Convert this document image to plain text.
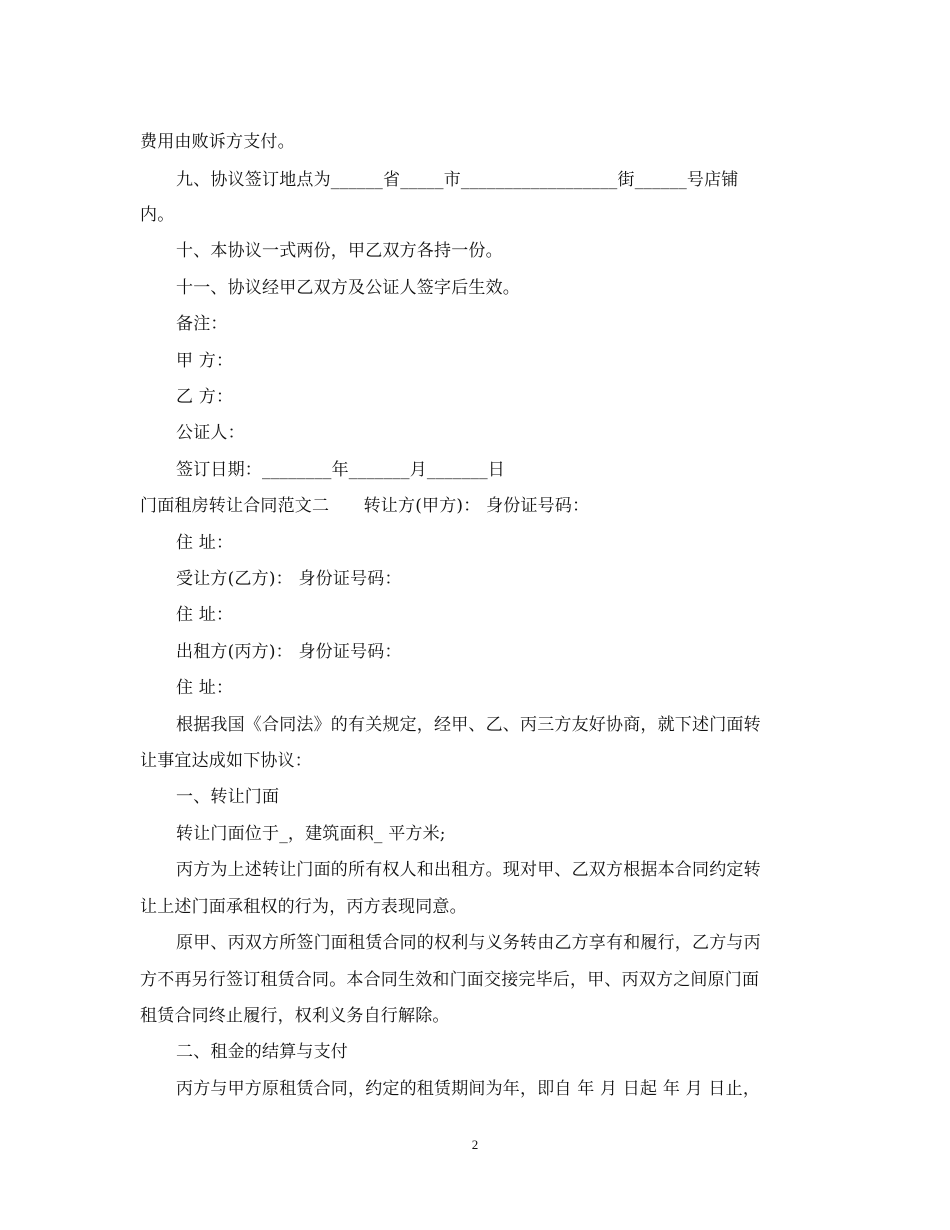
费用由败诉方支付。
九、协议签订地点为______省_____市__________________街______号店铺
内。
十、本协议一式两份，甲乙双方各持一份。
十一、协议经甲乙双方及公证人签字后生效。
备注：
甲 方：
乙 方：
公证人：
签订日期：________年_______月_______日
门面租房转让合同范文二　　转让方(甲方)： 身份证号码：
住 址：
受让方(乙方)： 身份证号码：
住 址：
出租方(丙方)： 身份证号码：
住 址：
根据我国《合同法》的有关规定，经甲、乙、丙三方友好协商，就下述门面转
让事宜达成如下协议：
一、转让门面
转让门面位于_，建筑面积_ 平方米;
丙方为上述转让门面的所有权人和出租方。现对甲、乙双方根据本合同约定转
让上述门面承租权的行为，丙方表现同意。
原甲、丙双方所签门面租赁合同的权利与义务转由乙方享有和履行，乙方与丙
方不再另行签订租赁合同。本合同生效和门面交接完毕后，甲、丙双方之间原门面
租赁合同终止履行，权利义务自行解除。
二、租金的结算与支付
丙方与甲方原租赁合同，约定的租赁期间为年，即自 年 月 日起 年 月 日止，
2
